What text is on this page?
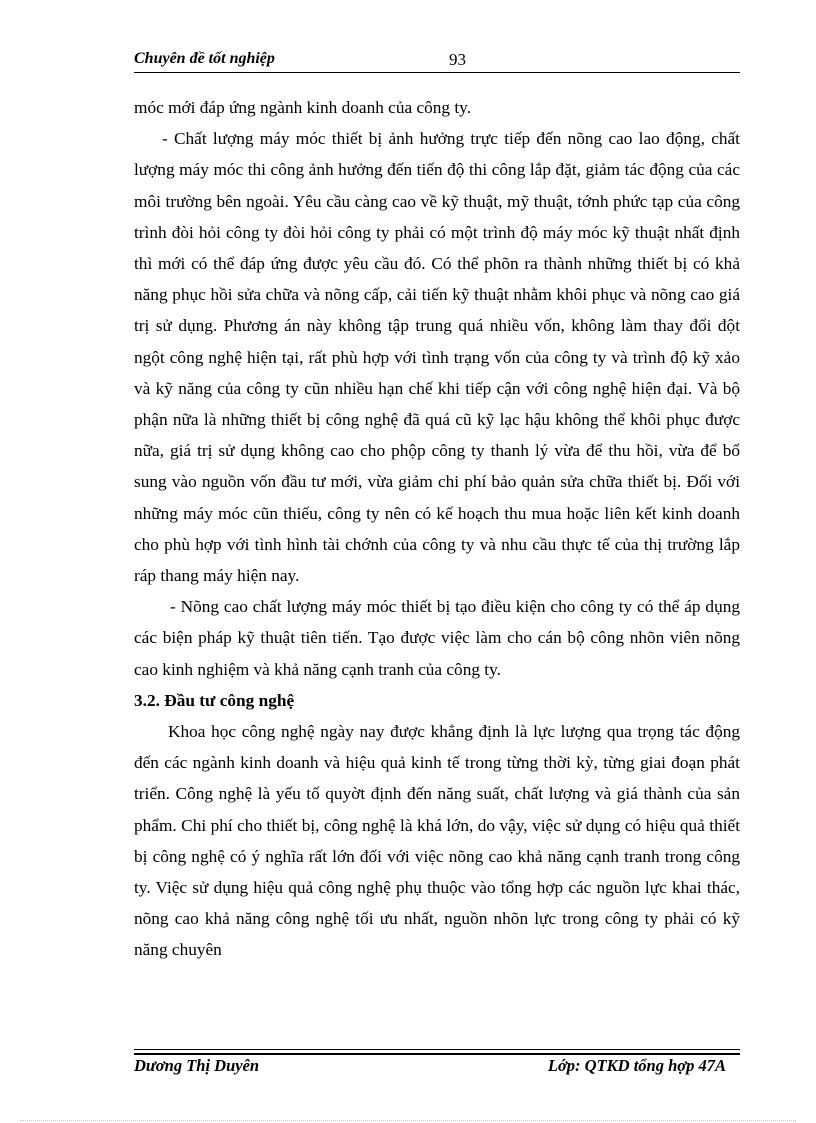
Chuyên đề tốt nghiệp	93

móc mới đáp ứng ngành kinh doanh của công ty.

- Chất lượng máy móc thiết bị ảnh hưởng trực tiếp đến nõng cao lao động, chất lượng máy móc thi công ảnh hưởng đến tiến độ thi công lắp đặt, giảm tác động của các môi trường bên ngoài. Yêu cầu càng cao về kỹ thuật, mỹ thuật, tớnh phức tạp của công trình đòi hỏi công ty đòi hỏi công ty phải có một trình độ máy móc kỹ thuật nhất định thì mới có thể đáp ứng được yêu cầu đó. Có thể phõn ra thành những thiết bị có khả năng phục hồi sửa chữa và nõng cấp, cải tiến kỹ thuật nhằm khôi phục và nõng cao giá trị sử dụng. Phương án này không tập trung quá nhiều vốn, không làm thay đổi đột ngột công nghệ hiện tại, rất phù hợp với tình trạng vốn của công ty và trình độ kỹ xảo và kỹ năng của công ty cũn nhiều hạn chế khi tiếp cận với công nghệ hiện đại. Và bộ phận nữa là những thiết bị công nghệ đã quá cũ kỹ lạc hậu không thể khôi phục được nữa, giá trị sử dụng không cao cho phộp công ty thanh lý vừa để thu hồi, vừa để bổ sung vào nguồn vốn đầu tư mới, vừa giảm chi phí bảo quản sửa chữa thiết bị. Đối với những máy móc cũn thiếu, công ty nên có kế hoạch thu mua hoặc liên kết kinh doanh cho phù hợp với tình hình tài chớnh của công ty và nhu cầu thực tế của thị trường lắp ráp thang máy hiện nay.

- Nõng cao chất lượng máy móc thiết bị tạo điều kiện cho công ty có thể áp dụng các biện pháp kỹ thuật tiên tiến. Tạo được việc làm cho cán bộ công nhõn viên nõng cao kinh nghiệm và khả năng cạnh tranh của công ty.

3.2. Đầu tư công nghệ

Khoa học công nghệ ngày nay được khẳng định là lực lượng qua trọng tác động đến các ngành kinh doanh và hiệu quả kinh tế trong từng thời kỳ, từng giai đoạn phát triển. Công nghệ là yếu tố quyờt định đến năng suất, chất lượng và giá thành của sản phẩm. Chi phí cho thiết bị, công nghệ là khá lớn, do vậy, việc sử dụng có hiệu quả thiết bị công nghệ có ý nghĩa rất lớn đối với việc nõng cao khả năng cạnh tranh trong công ty. Việc sử dụng hiệu quả công nghệ phụ thuộc vào tổng hợp các nguồn lực khai thác, nõng cao khả năng công nghệ tối ưu nhất, nguồn nhõn lực trong công ty phải có kỹ năng chuyên

Dương Thị Duyên	Lớp: QTKD tổng hợp 47A
